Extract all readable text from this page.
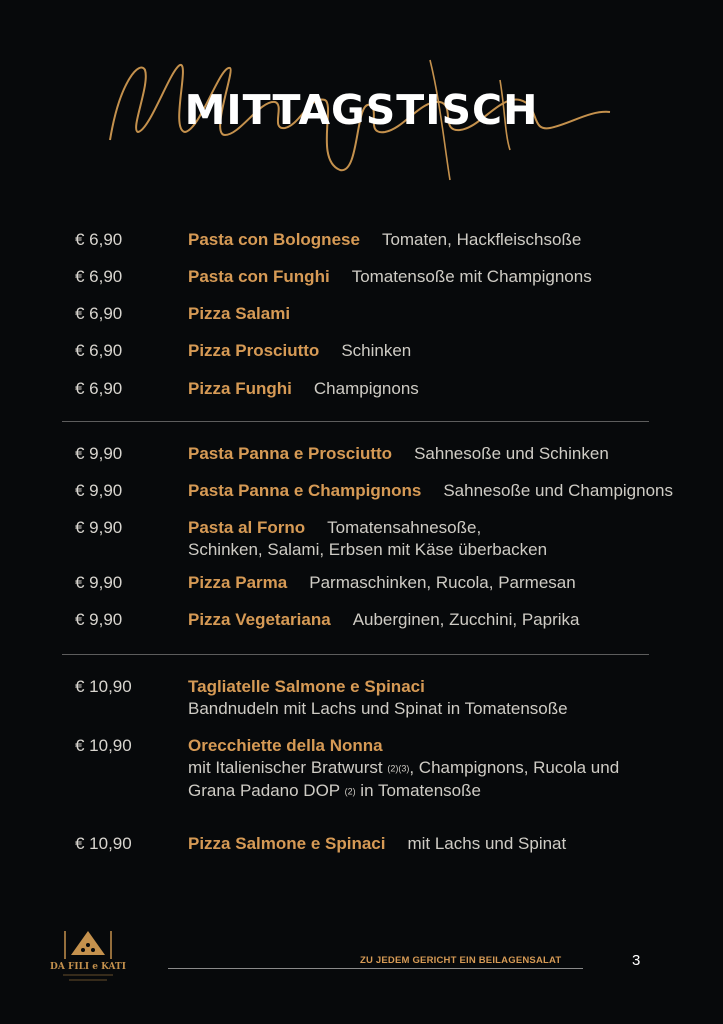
Mittagstisch
MITTAGSTISCH
€ 6,90	Pasta con Bolognese Tomaten, Hackfleischsoße
€ 6,90	Pasta con Funghi Tomatensoße mit Champignons
€ 6,90	Pizza Salami
€ 6,90	Pizza Prosciutto Schinken
€ 6,90	Pizza Funghi Champignons
€ 9,90	Pasta Panna e Prosciutto Sahnesoße und Schinken
€ 9,90	Pasta Panna e Champignons Sahnesoße und Champignons
€ 9,90	Pasta al Forno Tomatensahnesoße,
Schinken, Salami, Erbsen mit Käse überbacken
€ 9,90	Pizza Parma Parmaschinken, Rucola, Parmesan
€ 9,90	Pizza Vegetariana Auberginen, Zucchini, Paprika
€ 10,90	Tagliatelle Salmone e Spinaci
Bandnudeln mit Lachs und Spinat in Tomatensoße
€ 10,90	Orecchiette della Nonna
mit Italienischer Bratwurst (2)(3), Champignons, Rucola und
Grana Padano DOP (2) in Tomatensoße
€ 10,90	Pizza Salmone e Spinaci mit Lachs und Spinat
DA FILI e KATI
ZU JEDEM GERICHT EIN BEILAGENSALAT	3
